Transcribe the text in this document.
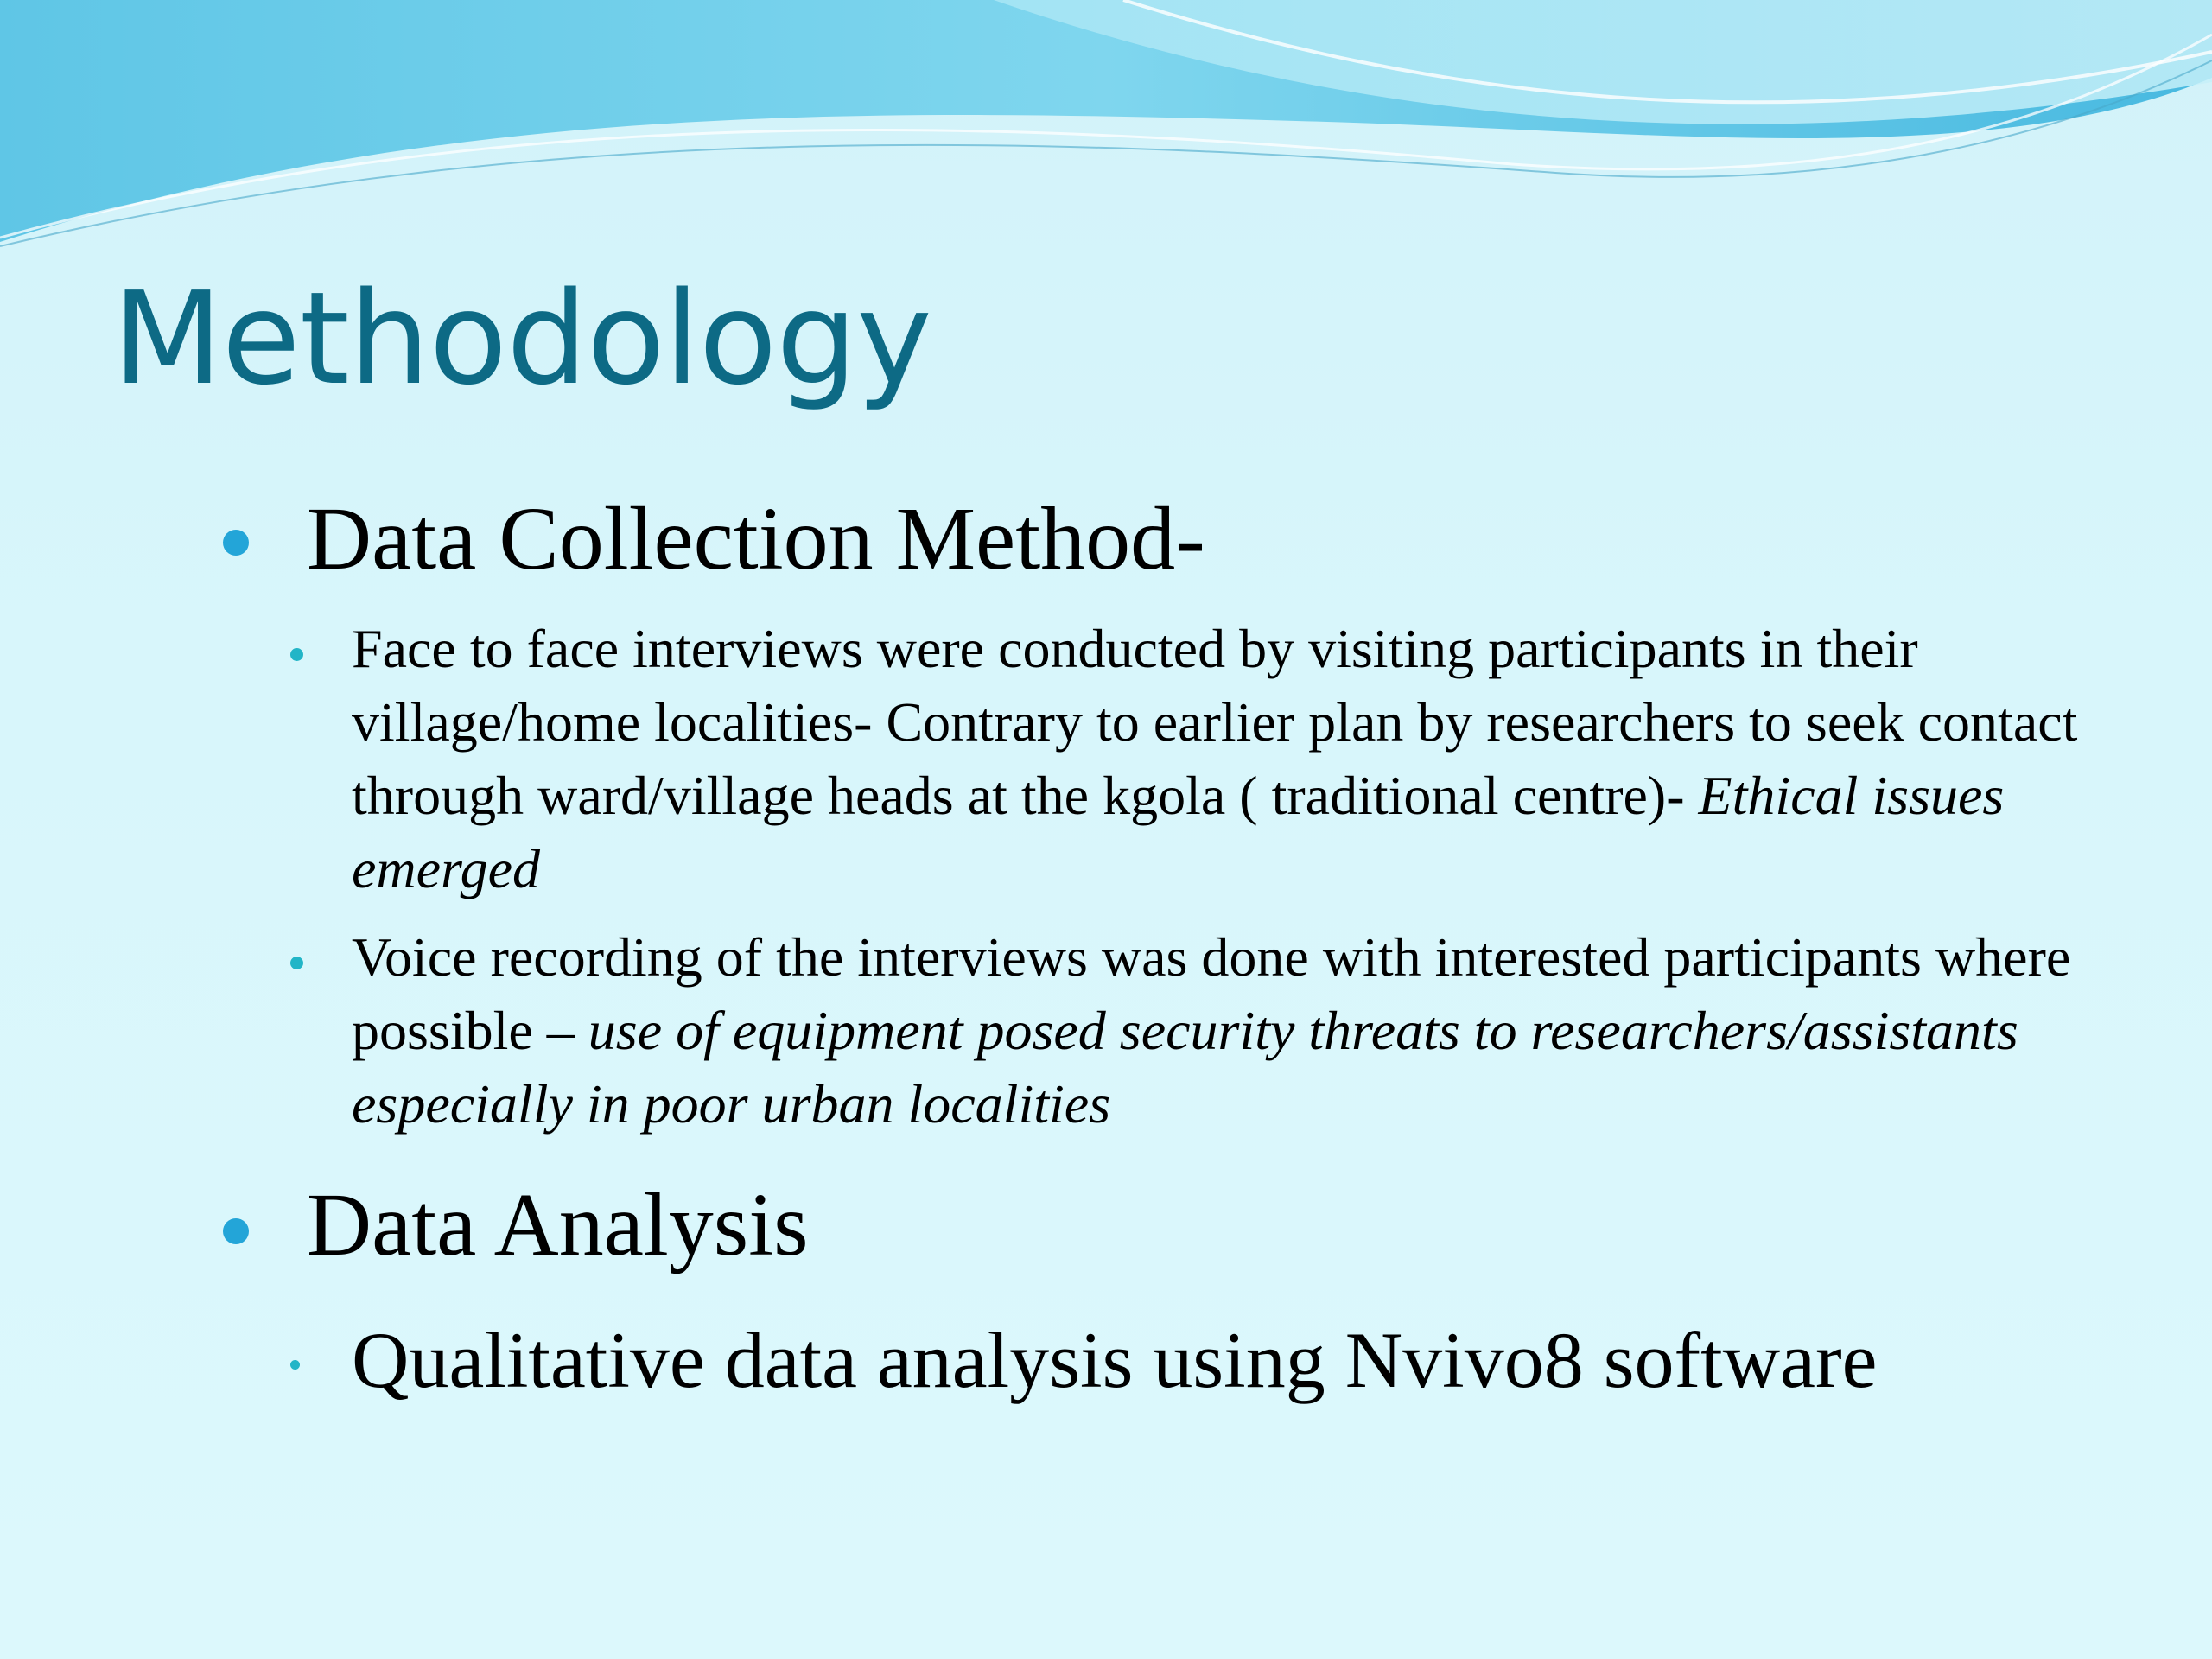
Methodology
Data Collection Method-
Face to face interviews were conducted by visiting participants in their village/home localities- Contrary to earlier plan by researchers to seek contact through ward/village heads at the kgola ( traditional centre)- Ethical issues emerged
Voice recording of the interviews was done with interested participants where possible – use of equipment posed security threats to researchers/assistants especially in poor urban localities
Data Analysis
Qualitative data analysis using Nvivo8 software
